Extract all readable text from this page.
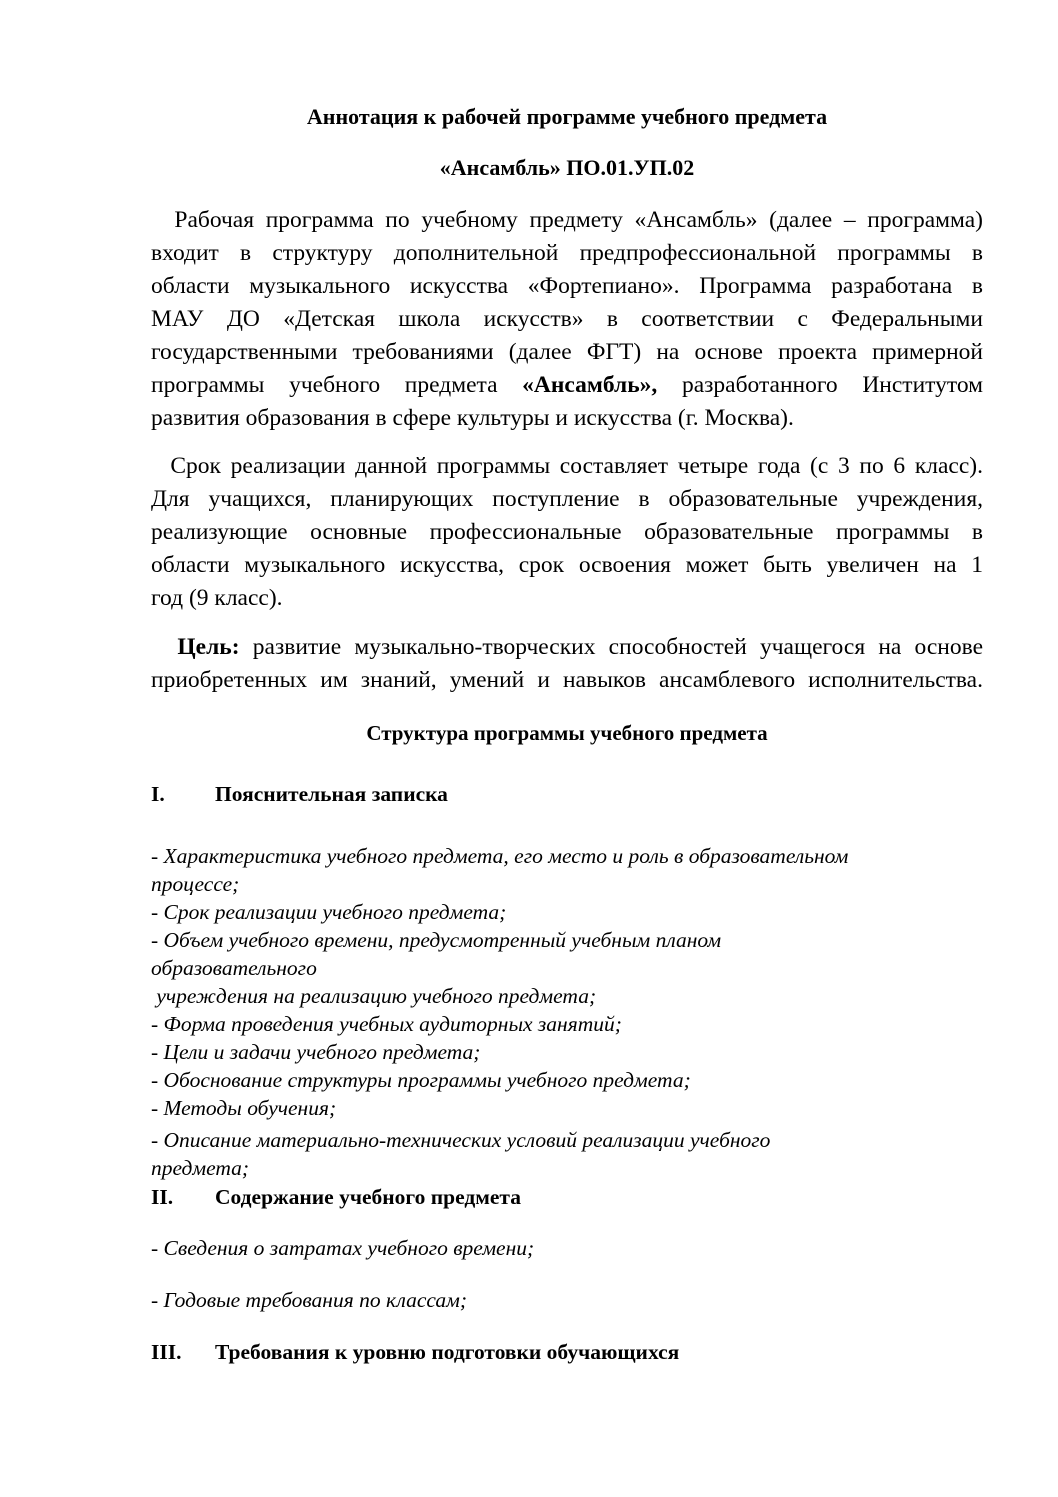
Аннотация к рабочей программе учебного предмета
«Ансамбль» ПО.01.УП.02
Рабочая программа по учебному предмету «Ансамбль» (далее – программа)
входит в структуру дополнительной предпрофессиональной программы в
области музыкального искусства «Фортепиано». Программа разработана в
МАУ ДО «Детская школа искусств» в соответствии с Федеральными
государственными требованиями (далее ФГТ) на основе проекта примерной
программы учебного предмета «Ансамбль», разработанного Институтом
развития образования в сфере культуры и искусства (г. Москва).
Срок реализации данной программы составляет четыре года (с 3 по 6 класс).
Для учащихся, планирующих поступление в образовательные учреждения,
реализующие основные профессиональные образовательные программы в
области музыкального искусства, срок освоения может быть увеличен на 1
год (9 класс).
Цель: развитие музыкально-творческих способностей учащегося на основе
приобретенных им знаний, умений и навыков ансамблевого исполнительства.
Структура программы учебного предмета
I. Пояснительная записка
- Характеристика учебного предмета, его место и роль в образовательном
процессе;
- Срок реализации учебного предмета;
- Объем учебного времени, предусмотренный учебным планом
образовательного
учреждения на реализацию учебного предмета;
- Форма проведения учебных аудиторных занятий;
- Цели и задачи учебного предмета;
- Обоснование структуры программы учебного предмета;
- Методы обучения;
- Описание материально-технических условий реализации учебного
предмета;
II. Содержание учебного предмета
- Сведения о затратах учебного времени;
- Годовые требования по классам;
III. Требования к уровню подготовки обучающихся
